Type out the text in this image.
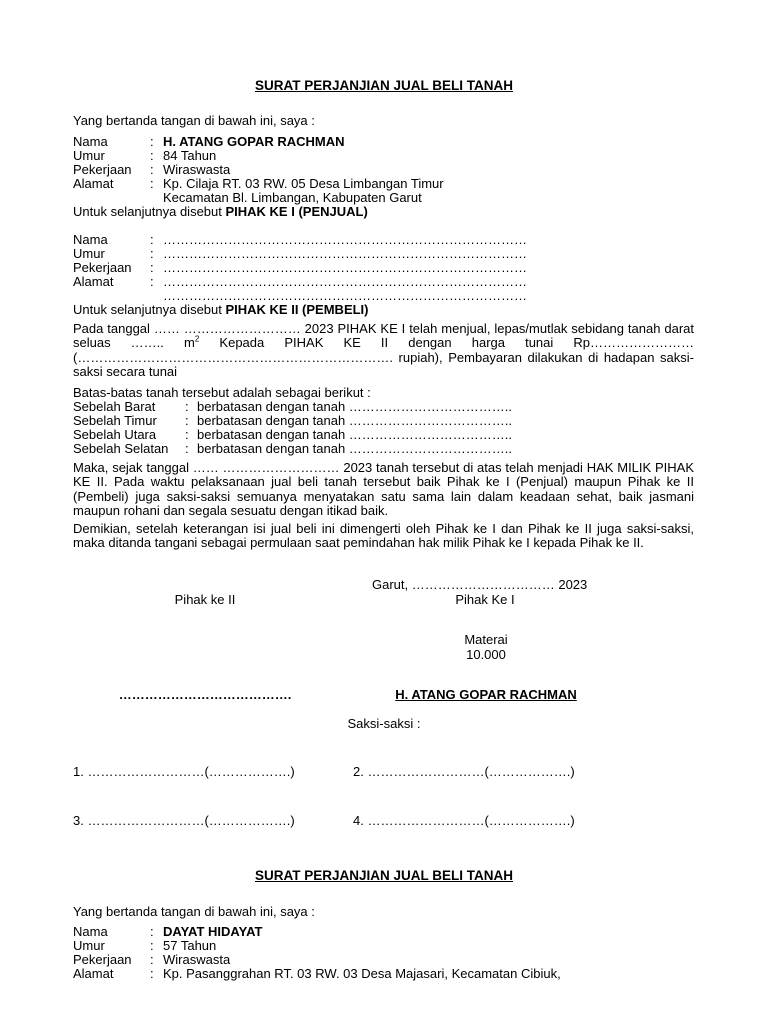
SURAT PERJANJIAN JUAL BELI TANAH
Yang bertanda tangan di bawah ini, saya :
Nama	: H. ATANG GOPAR RACHMAN
Umur	: 84 Tahun
Pekerjaan : Wiraswasta
Alamat	: Kp. Cilaja RT. 03 RW. 05 Desa Limbangan Timur
Kecamatan Bl. Limbangan, Kabupaten Garut
Untuk selanjutnya disebut PIHAK KE I (PENJUAL)
Nama	: …………………………………………………………………………
Umur	: …………………………………………………………………………
Pekerjaan : …………………………………………………………………………
Alamat	: …………………………………………………………………………
…………………………………………………………………………
Untuk selanjutnya disebut PIHAK KE II (PEMBELI)
Pada tanggal …… ……………………… 2023 PIHAK KE I telah menjual, lepas/mutlak sebidang tanah darat seluas …….. $m^2$ Kepada PIHAK KE II dengan harga tunai Rp…………………… (………………………………………………………………. rupiah), Pembayaran dilakukan di hadapan saksi-saksi secara tunai
Batas-batas tanah tersebut adalah sebagai berikut :
Sebelah Barat : berbatasan dengan tanah ………………………………..
Sebelah Timur : berbatasan dengan tanah ………………………………..
Sebelah Utara : berbatasan dengan tanah ………………………………..
Sebelah Selatan : berbatasan dengan tanah ………………………………..
Maka, sejak tanggal …… ……………………… 2023 tanah tersebut di atas telah menjadi HAK MILIK PIHAK KE II. Pada waktu pelaksanaan jual beli tanah tersebut baik Pihak ke I (Penjual) maupun Pihak ke II (Pembeli) juga saksi-saksi semuanya menyatakan satu sama lain dalam keadaan sehat, baik jasmani maupun rohani dan segala sesuatu dengan itikad baik.
Demikian, setelah keterangan isi jual beli ini dimengerti oleh Pihak ke I dan Pihak ke II juga saksi-saksi, maka ditanda tangani sebagai permulaan saat pemindahan hak milik Pihak ke I kepada Pihak ke II.
Garut, …………………………… 2023
Pihak ke II	Pihak Ke I
Materai
10.000
………………………………….	H. ATANG GOPAR RACHMAN
Saksi-saksi :
1. ………………………(……………….)	2. ………………………(……………….)
3. ………………………(……………….)	4. ………………………(……………….)
SURAT PERJANJIAN JUAL BELI TANAH
Yang bertanda tangan di bawah ini, saya :
Nama	: DAYAT HIDAYAT
Umur	: 57 Tahun
Pekerjaan : Wiraswasta
Alamat	: Kp. Pasanggrahan RT. 03 RW. 03 Desa Majasari, Kecamatan Cibiuk,
